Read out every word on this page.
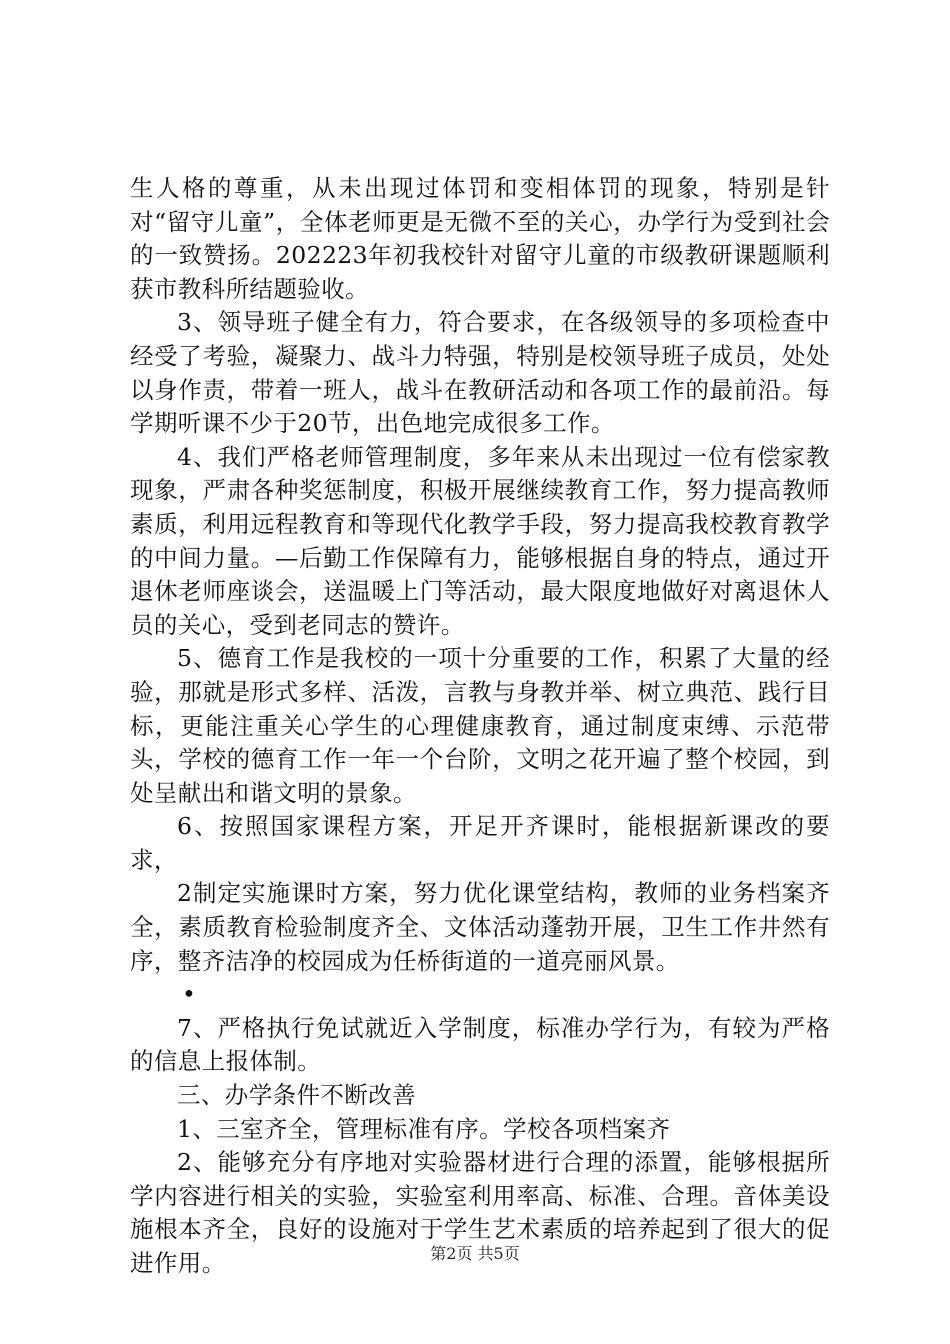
生人格的尊重，从未出现过体罚和变相体罚的现象，特别是针对“留守儿童”，全体老师更是无微不至的关心，办学行为受到社会的一致赞扬。202223年初我校针对留守儿童的市级教研课题顺利获市教科所结题验收。

3、领导班子健全有力，符合要求，在各级领导的多项检查中经受了考验，凝聚力、战斗力特强，特别是校领导班子成员，处处以身作责，带着一班人，战斗在教研活动和各项工作的最前沿。每学期听课不少于20节，出色地完成很多工作。

4、我们严格老师管理制度，多年来从未出现过一位有偿家教现象，严肃各种奖惩制度，积极开展继续教育工作，努力提高教师素质，利用远程教育和等现代化教学手段，努力提高我校教育教学的中间力量。—后勤工作保障有力，能够根据自身的特点，通过开退休老师座谈会，送温暖上门等活动，最大限度地做好对离退休人员的关心，受到老同志的赞许。

5、德育工作是我校的一项十分重要的工作，积累了大量的经验，那就是形式多样、活泼，言教与身教并举、树立典范、践行目标，更能注重关心学生的心理健康教育，通过制度束缚、示范带头，学校的德育工作一年一个台阶，文明之花开遍了整个校园，到处呈献出和谐文明的景象。

6、按照国家课程方案，开足开齐课时，能根据新课改的要求，

2制定实施课时方案，努力优化课堂结构，教师的业务档案齐全，素质教育检验制度齐全、文体活动蓬勃开展，卫生工作井然有序，整齐洁净的校园成为任桥街道的一道亮丽风景。

•

7、严格执行免试就近入学制度，标准办学行为，有较为严格的信息上报体制。

三、办学条件不断改善

1、三室齐全，管理标准有序。学校各项档案齐

2、能够充分有序地对实验器材进行合理的添置，能够根据所学内容进行相关的实验，实验室利用率高、标准、合理。音体美设施根本齐全，良好的设施对于学生艺术素质的培养起到了很大的促进作用。	第2页 共5页
